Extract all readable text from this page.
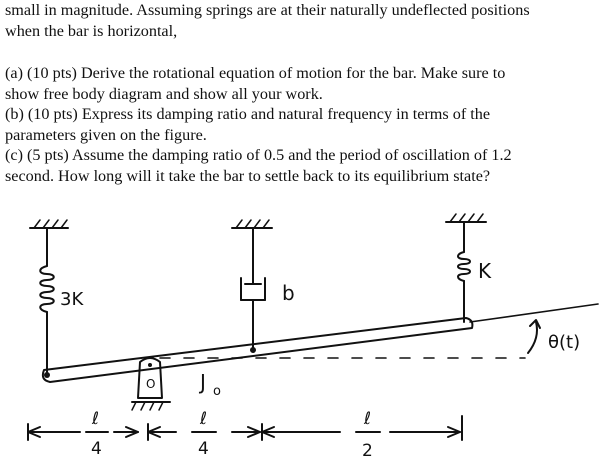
small in magnitude. Assuming springs are at their naturally undeflected positions
when the bar is horizontal,
(a) (10 pts) Derive the rotational equation of motion for the bar. Make sure to
show free body diagram and show all your work.
(b) (10 pts) Express its damping ratio and natural frequency in terms of the
parameters given on the figure.
(c) (5 pts) Assume the damping ratio of 0.5 and the period of oscillation of 1.2
second. How long will it take the bar to settle back to its equilibrium state?
3K	b
K
O J o
θ(t)
ℓ
4
ℓ
4
ℓ
2
